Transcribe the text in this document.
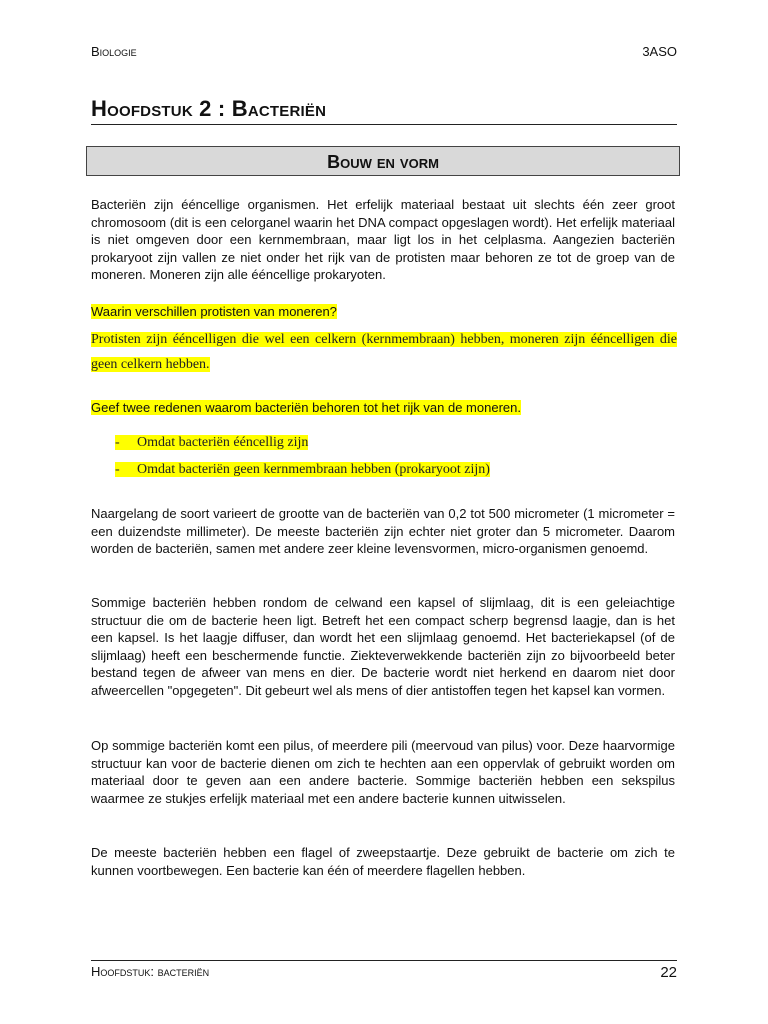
Biologie	3ASO
Hoofdstuk 2 : Bacteriën
Bouw en vorm
Bacteriën zijn ééncellige organismen. Het erfelijk materiaal bestaat uit slechts één zeer groot chromosoom (dit is een celorganel waarin het DNA compact opgeslagen wordt). Het erfelijk materiaal is niet omgeven door een kernmembraan, maar ligt los in het celplasma. Aangezien bacteriën prokaryoot zijn vallen ze niet onder het rijk van de protisten maar behoren ze tot de groep van de moneren. Moneren zijn alle ééncellige prokaryoten.
Waarin verschillen protisten van moneren?
Protisten zijn ééncelligen die wel een celkern (kernmembraan) hebben, moneren zijn ééncelligen die geen celkern hebben.
Geef twee redenen waarom bacteriën behoren tot het rijk van de moneren.
- Omdat bacteriën ééncellig zijn
- Omdat bacteriën geen kernmembraan hebben (prokaryoot zijn)
Naargelang de soort varieert de grootte van de bacteriën van 0,2 tot 500 micrometer (1 micrometer = een duizendste millimeter). De meeste bacteriën zijn echter niet groter dan 5 micrometer. Daarom worden de bacteriën, samen met andere zeer kleine levensvormen, micro-organismen genoemd.
Sommige bacteriën hebben rondom de celwand een kapsel of slijmlaag, dit is een geleiachtige structuur die om de bacterie heen ligt. Betreft het een compact scherp begrensd laagje, dan is het een kapsel. Is het laagje diffuser, dan wordt het een slijmlaag genoemd. Het bacteriekapsel (of de slijmlaag) heeft een beschermende functie. Ziekteverwekkende bacteriën zijn zo bijvoorbeeld beter bestand tegen de afweer van mens en dier. De bacterie wordt niet herkend en daarom niet door afweercellen "opgegeten". Dit gebeurt wel als mens of dier antistoffen tegen het kapsel kan vormen.
Op sommige bacteriën komt een pilus, of meerdere pili (meervoud van pilus) voor. Deze haarvormige structuur kan voor de bacterie dienen om zich te hechten aan een oppervlak of gebruikt worden om materiaal door te geven aan een andere bacterie. Sommige bacteriën hebben een sekspilus waarmee ze stukjes erfelijk materiaal met een andere bacterie kunnen uitwisselen.
De meeste bacteriën hebben een flagel of zweepstaartje. Deze gebruikt de bacterie om zich te kunnen voortbewegen. Een bacterie kan één of meerdere flagellen hebben.
Hoofdstuk: bacteriën	22
